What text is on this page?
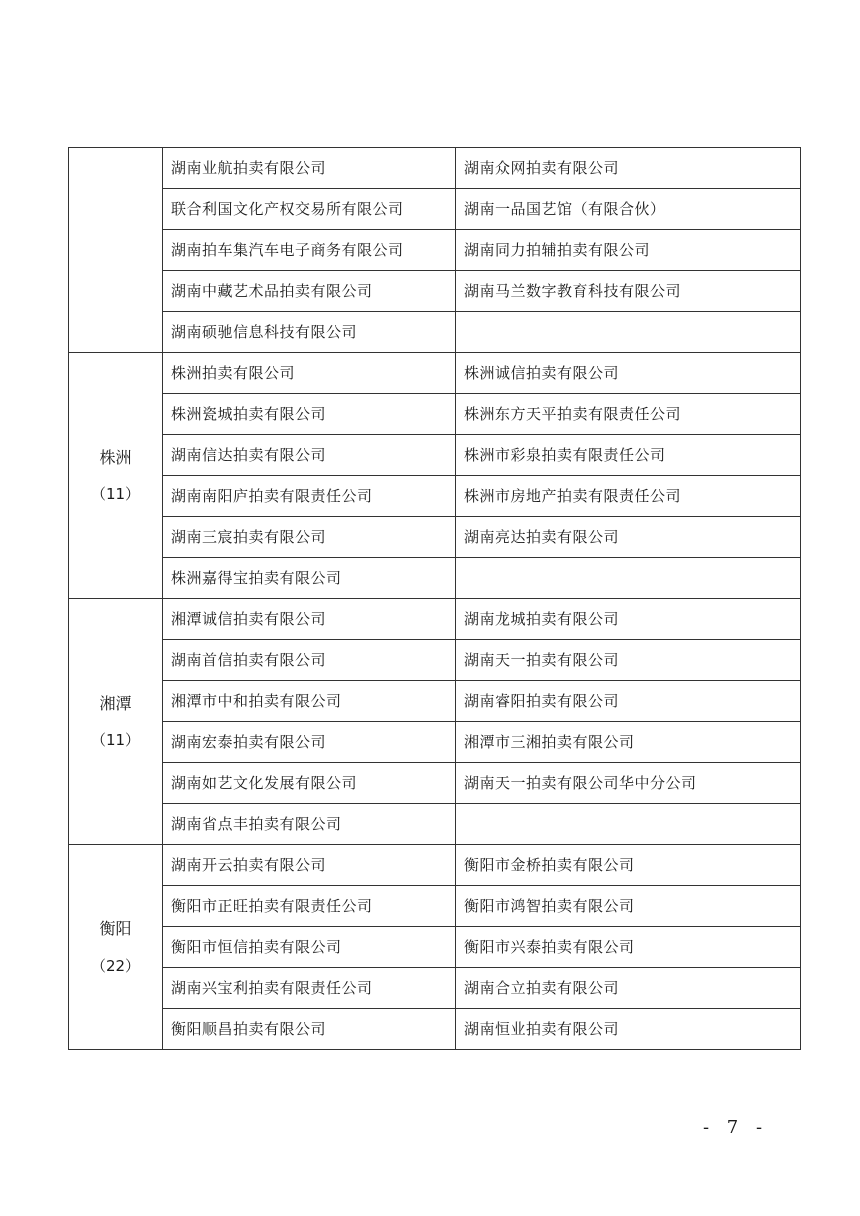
	湖南业航拍卖有限公司	湖南众网拍卖有限公司
	联合利国文化产权交易所有限公司	湖南一品国艺馆（有限合伙）
	湖南拍车集汽车电子商务有限公司	湖南同力拍辅拍卖有限公司
	湖南中藏艺术品拍卖有限公司	湖南马兰数字教育科技有限公司
	湖南硕驰信息科技有限公司	

株洲
（11）	株洲拍卖有限公司	株洲诚信拍卖有限公司
	株洲瓷城拍卖有限公司	株洲东方天平拍卖有限责任公司
	湖南信达拍卖有限公司	株洲市彩泉拍卖有限责任公司
	湖南南阳庐拍卖有限责任公司	株洲市房地产拍卖有限责任公司
	湖南三宸拍卖有限公司	湖南亮达拍卖有限公司
	株洲嘉得宝拍卖有限公司	

湘潭
（11）	湘潭诚信拍卖有限公司	湖南龙城拍卖有限公司
	湖南首信拍卖有限公司	湖南天一拍卖有限公司
	湘潭市中和拍卖有限公司	湖南睿阳拍卖有限公司
	湖南宏泰拍卖有限公司	湘潭市三湘拍卖有限公司
	湖南如艺文化发展有限公司	湖南天一拍卖有限公司华中分公司
	湖南省点丰拍卖有限公司	

衡阳
（22）	湖南开云拍卖有限公司	衡阳市金桥拍卖有限公司
	衡阳市正旺拍卖有限责任公司	衡阳市鸿智拍卖有限公司
	衡阳市恒信拍卖有限公司	衡阳市兴泰拍卖有限公司
	湖南兴宝利拍卖有限责任公司	湖南合立拍卖有限公司
	衡阳顺昌拍卖有限公司	湖南恒业拍卖有限公司
- 7 -
